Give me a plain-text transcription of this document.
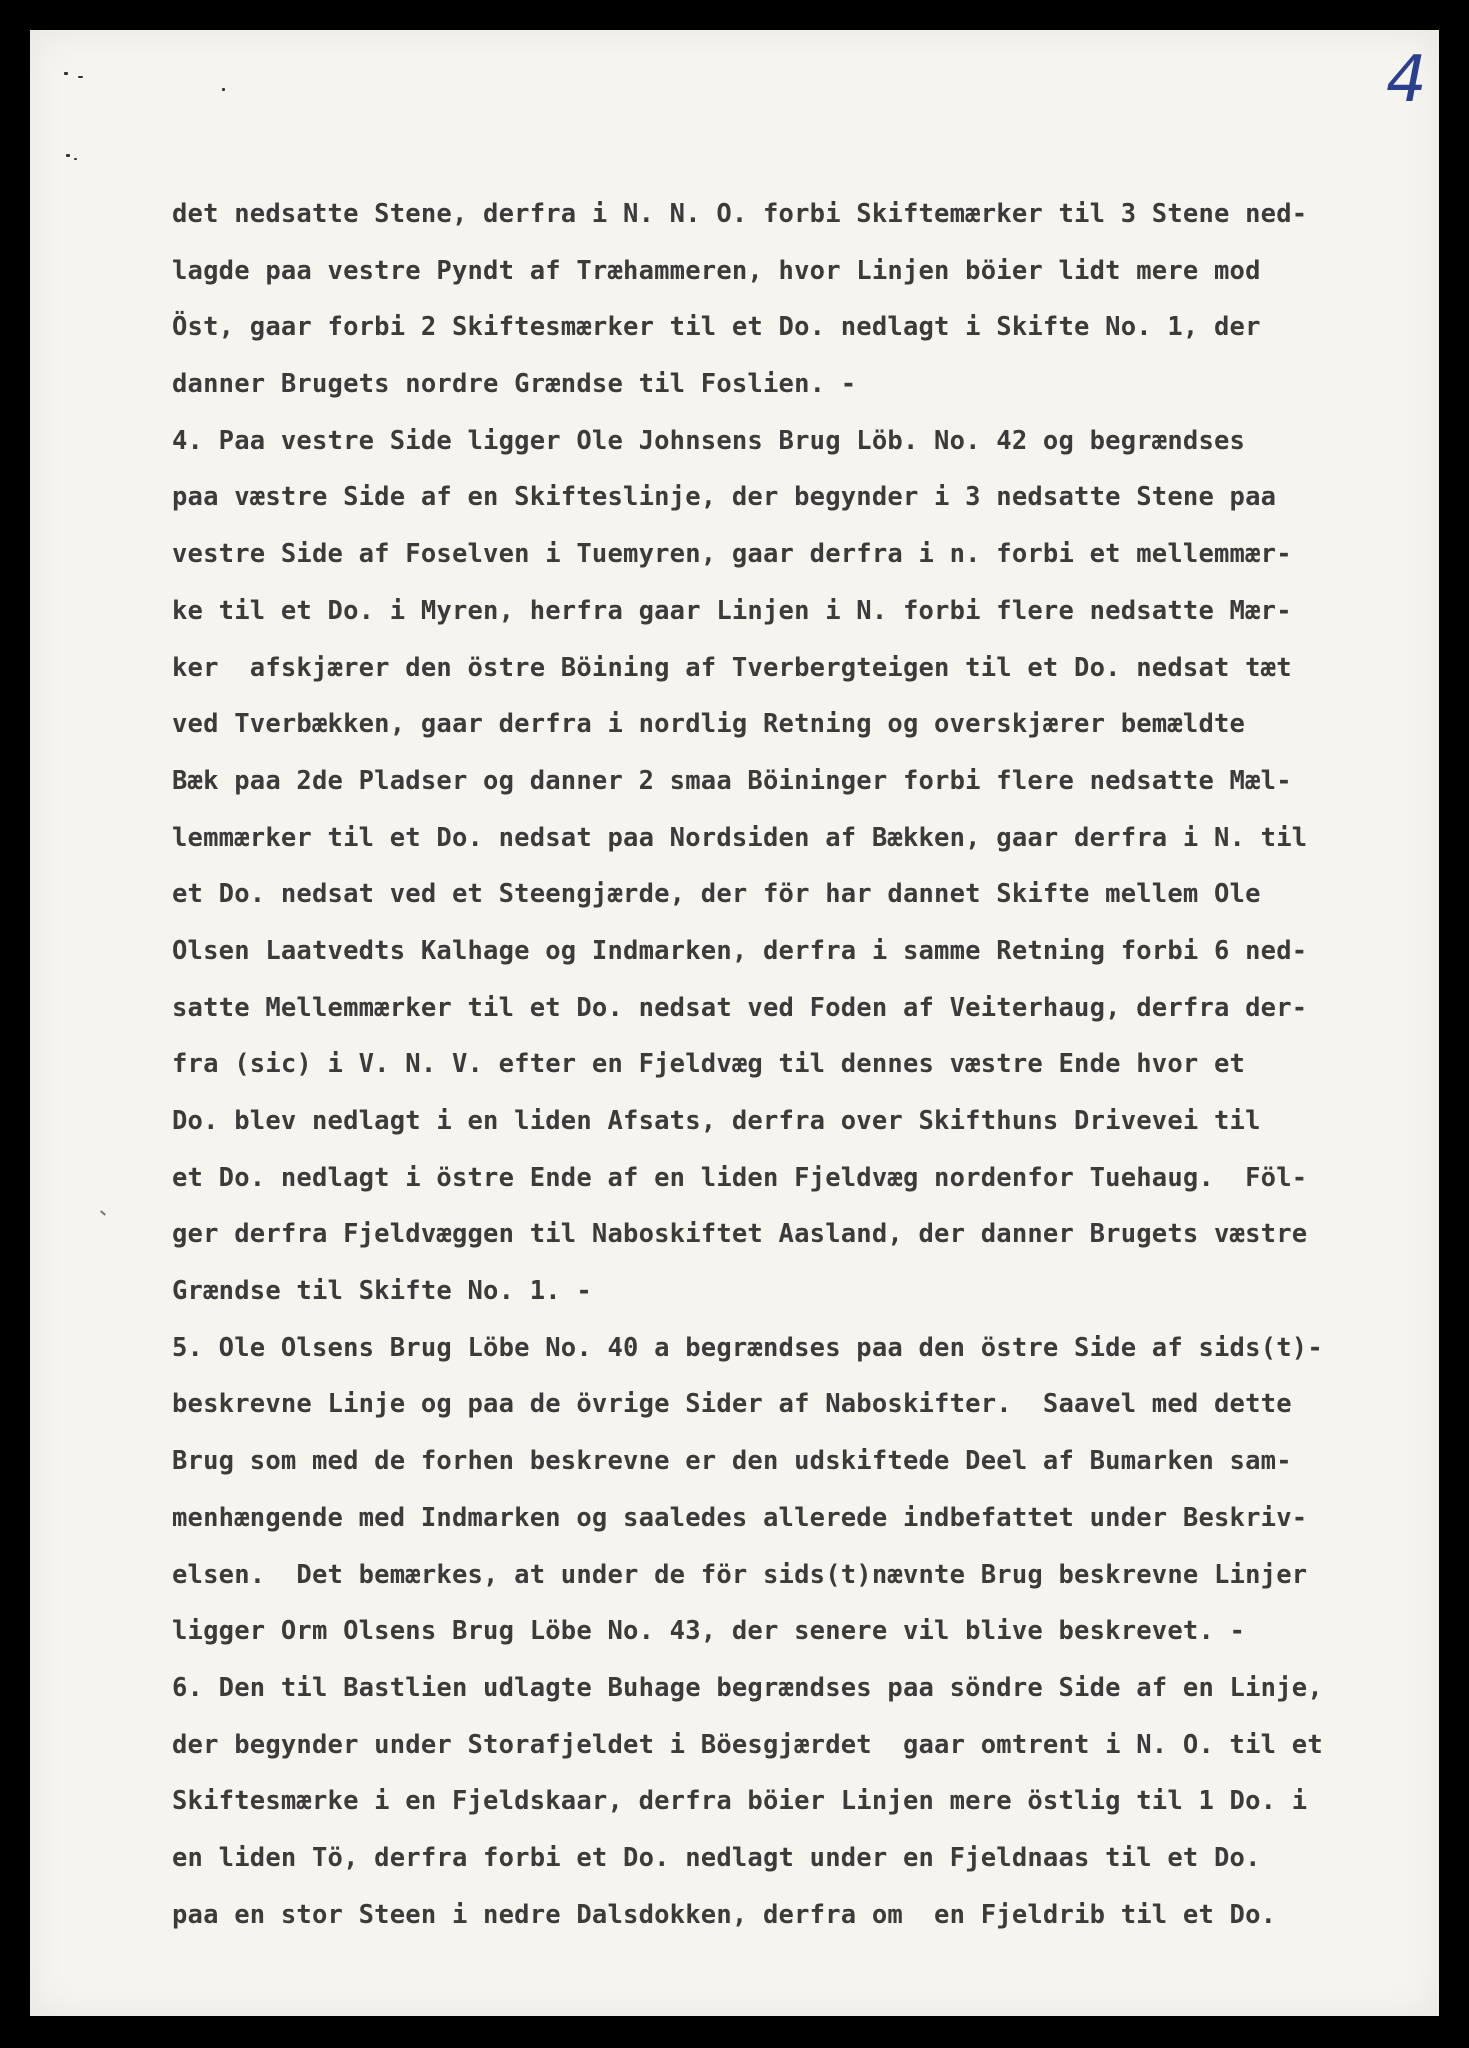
4
det nedsatte Stene, derfra i N. N. O. forbi Skiftemærker til 3 Stene ned-
lagde paa vestre Pyndt af Træhammeren, hvor Linjen böier lidt mere mod
Öst, gaar forbi 2 Skiftesmærker til et Do. nedlagt i Skifte No. 1, der
danner Brugets nordre Grændse til Foslien. -
4. Paa vestre Side ligger Ole Johnsens Brug Löb. No. 42 og begrændses
paa væstre Side af en Skifteslinje, der begynder i 3 nedsatte Stene paa
vestre Side af Foselven i Tuemyren, gaar derfra i n. forbi et mellemmær-
ke til et Do. i Myren, herfra gaar Linjen i N. forbi flere nedsatte Mær-
ker  afskjærer den östre Böining af Tverbergteigen til et Do. nedsat tæt
ved Tverbækken, gaar derfra i nordlig Retning og overskjærer bemældte
Bæk paa 2de Pladser og danner 2 smaa Böininger forbi flere nedsatte Mæl-
lemmærker til et Do. nedsat paa Nordsiden af Bækken, gaar derfra i N. til
et Do. nedsat ved et Steengjærde, der för har dannet Skifte mellem Ole
Olsen Laatvedts Kalhage og Indmarken, derfra i samme Retning forbi 6 ned-
satte Mellemmærker til et Do. nedsat ved Foden af Veiterhaug, derfra der-
fra (sic) i V. N. V. efter en Fjeldvæg til dennes væstre Ende hvor et
Do. blev nedlagt i en liden Afsats, derfra over Skifthuns Drivevei til
et Do. nedlagt i östre Ende af en liden Fjeldvæg nordenfor Tuehaug.  Föl-
ger derfra Fjeldvæggen til Naboskiftet Aasland, der danner Brugets væstre
Grændse til Skifte No. 1. -
5. Ole Olsens Brug Löbe No. 40 a begrændses paa den östre Side af sids(t)-
beskrevne Linje og paa de övrige Sider af Naboskifter.  Saavel med dette
Brug som med de forhen beskrevne er den udskiftede Deel af Bumarken sam-
menhængende med Indmarken og saaledes allerede indbefattet under Beskriv-
elsen.  Det bemærkes, at under de för sids(t)nævnte Brug beskrevne Linjer
ligger Orm Olsens Brug Löbe No. 43, der senere vil blive beskrevet. -
6. Den til Bastlien udlagte Buhage begrændses paa söndre Side af en Linje,
der begynder under Storafjeldet i Böesgjærdet  gaar omtrent i N. O. til et
Skiftesmærke i en Fjeldskaar, derfra böier Linjen mere östlig til 1 Do. i
en liden Tö, derfra forbi et Do. nedlagt under en Fjeldnaas til et Do.
paa en stor Steen i nedre Dalsdokken, derfra om  en Fjeldrib til et Do.
